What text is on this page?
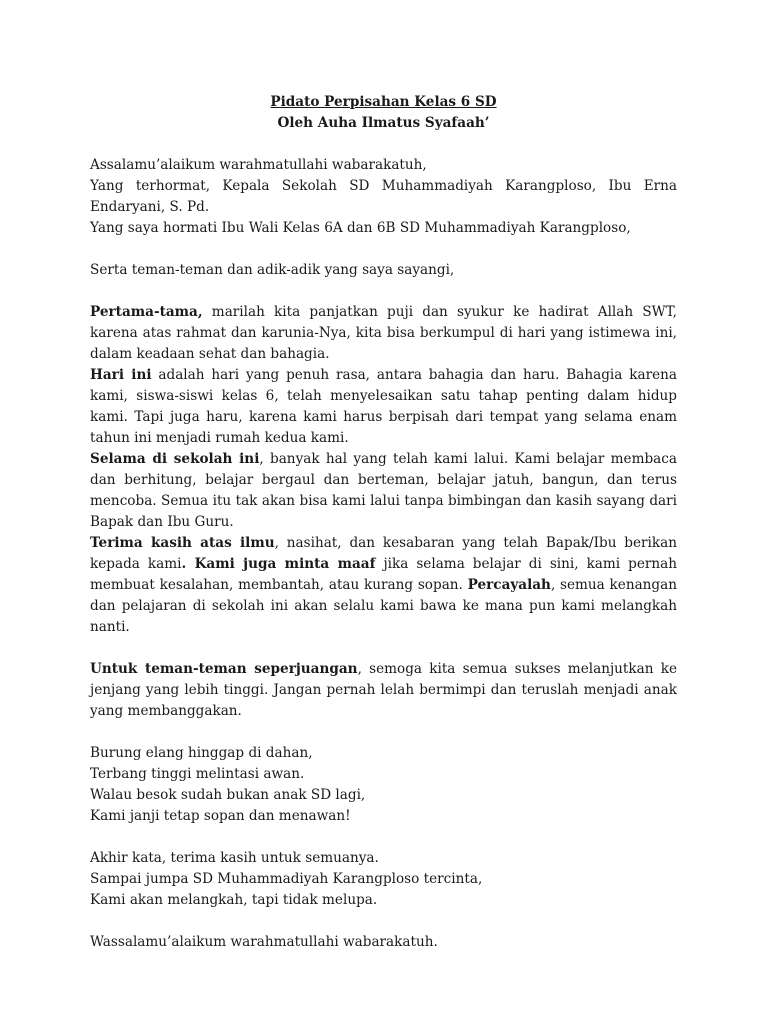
Pidato Perpisahan Kelas 6 SD
Oleh Auha Ilmatus Syafaah’
Assalamu’alaikum warahmatullahi wabarakatuh,

Yang terhormat, Kepala Sekolah SD Muhammadiyah Karangploso, Ibu Erna Endaryani, S. Pd.

Yang saya hormati Ibu Wali Kelas 6A dan 6B SD Muhammadiyah Karangploso,
Serta teman-teman dan adik-adik yang saya sayangi,

Pertama-tama, marilah kita panjatkan puji dan syukur ke hadirat Allah SWT, karena atas rahmat dan karunia-Nya, kita bisa berkumpul di hari yang istimewa ini, dalam keadaan sehat dan bahagia.

Hari ini adalah hari yang penuh rasa, antara bahagia dan haru. Bahagia karena kami, siswa-siswi kelas 6, telah menyelesaikan satu tahap penting dalam hidup kami. Tapi juga haru, karena kami harus berpisah dari tempat yang selama enam tahun ini menjadi rumah kedua kami.

Selama di sekolah ini, banyak hal yang telah kami lalui. Kami belajar membaca dan berhitung, belajar bergaul dan berteman, belajar jatuh, bangun, dan terus mencoba. Semua itu tak akan bisa kami lalui tanpa bimbingan dan kasih sayang dari Bapak dan Ibu Guru.

Terima kasih atas ilmu, nasihat, dan kesabaran yang telah Bapak/Ibu berikan kepada kami. Kami juga minta maaf jika selama belajar di sini, kami pernah membuat kesalahan, membantah, atau kurang sopan. Percayalah, semua kenangan dan pelajaran di sekolah ini akan selalu kami bawa ke mana pun kami melangkah nanti.

Untuk teman-teman seperjuangan, semoga kita semua sukses melanjutkan ke jenjang yang lebih tinggi. Jangan pernah lelah bermimpi dan teruslah menjadi anak yang membanggakan.

Burung elang hinggap di dahan,
Terbang tinggi melintasi awan.
Walau besok sudah bukan anak SD lagi,
Kami janji tetap sopan dan menawan!
Akhir kata, terima kasih untuk semuanya.
Sampai jumpa SD Muhammadiyah Karangploso tercinta,
Kami akan melangkah, tapi tidak melupa.
Wassalamu’alaikum warahmatullahi wabarakatuh.
